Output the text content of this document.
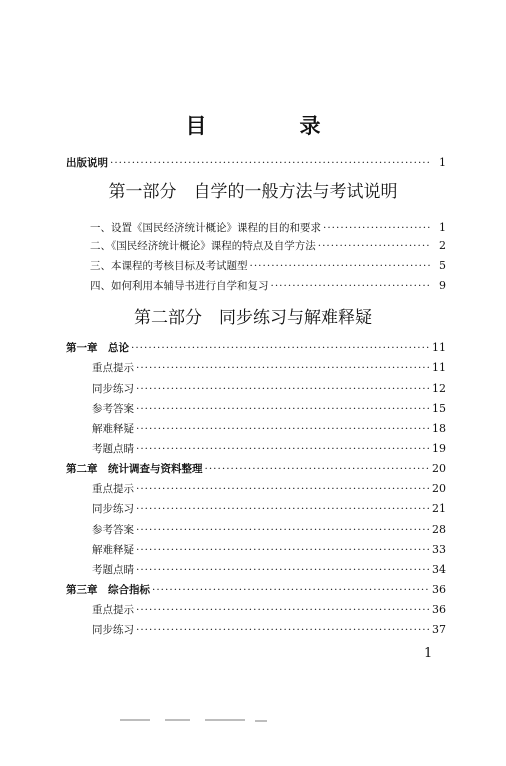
目　录
出版说明 ·····	1
第一部分　自学的一般方法与考试说明
一、设置《国民经济统计概论》课程的目的和要求 ·····	1
二、《国民经济统计概论》课程的特点及自学方法 ·····	2
三、本课程的考核目标及考试题型 ·····	5
四、如何利用本辅导书进行自学和复习 ·····	9
第二部分　同步练习与解难释疑
第一章　总论 ·····	11
重点提示 ·····	11
同步练习 ·····	12
参考答案 ·····	15
解难释疑 ·····	18
考题点睛 ·····	19
第二章　统计调查与资料整理 ·····	20
重点提示 ·····	20
同步练习 ·····	21
参考答案 ·····	28
解难释疑 ·····	33
考题点睛 ·····	34
第三章　综合指标 ·····	36
重点提示 ·····	36
同步练习 ·····	37
1
